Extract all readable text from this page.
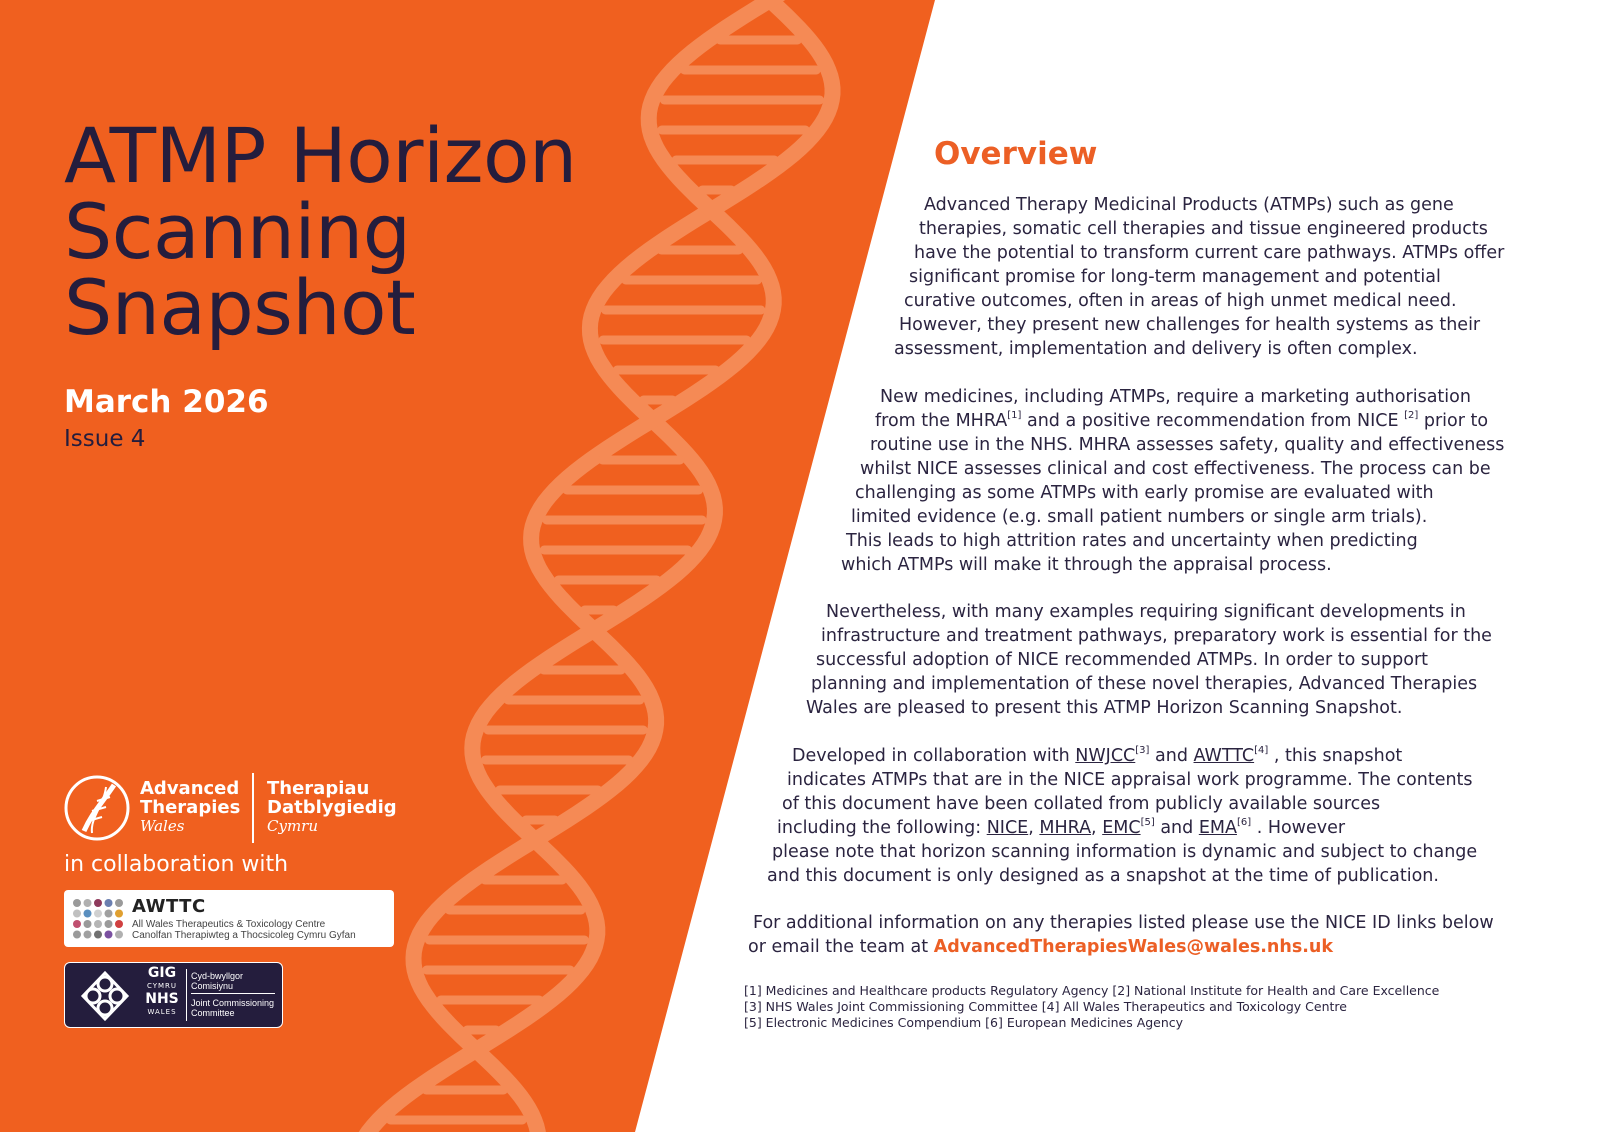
ATMP Horizon
Scanning
Snapshot
March 2026
Issue 4
Advanced
Therapies
Wales
Therapiau
Datblygiedig
Cymru
in collaboration with
AWTTC
All Wales Therapeutics & Toxicology Centre
Canolfan Therapiwteg a Thocsicoleg Cymru Gyfan
GIG
CYMRU
NHS
WALES
Cyd-bwyllgor
Comisiynu
Joint Commissioning
Committee
Overview
Advanced Therapy Medicinal Products (ATMPs) such as gene
therapies, somatic cell therapies and tissue engineered products
have the potential to transform current care pathways. ATMPs offer
significant promise for long-term management and potential
curative outcomes, often in areas of high unmet medical need.
However, they present new challenges for health systems as their
assessment, implementation and delivery is often complex.
New medicines, including ATMPs, require a marketing authorisation
from the MHRA[1] and a positive recommendation from NICE [2] prior to
routine use in the NHS. MHRA assesses safety, quality and effectiveness
whilst NICE assesses clinical and cost effectiveness. The process can be
challenging as some ATMPs with early promise are evaluated with
limited evidence (e.g. small patient numbers or single arm trials).
This leads to high attrition rates and uncertainty when predicting
which ATMPs will make it through the appraisal process.
Nevertheless, with many examples requiring significant developments in
infrastructure and treatment pathways, preparatory work is essential for the
successful adoption of NICE recommended ATMPs. In order to support
planning and implementation of these novel therapies, Advanced Therapies
Wales are pleased to present this ATMP Horizon Scanning Snapshot.
Developed in collaboration with NWJCC[3] and AWTTC[4] , this snapshot
indicates ATMPs that are in the NICE appraisal work programme. The contents
of this document have been collated from publicly available sources
including the following: NICE, MHRA, EMC[5] and EMA[6] . However
please note that horizon scanning information is dynamic and subject to change
and this document is only designed as a snapshot at the time of publication.
For additional information on any therapies listed please use the NICE ID links below
or email the team at AdvancedTherapiesWales@wales.nhs.uk
[1] Medicines and Healthcare products Regulatory Agency [2] National Institute for Health and Care Excellence
[3] NHS Wales Joint Commissioning Committee [4] All Wales Therapeutics and Toxicology Centre
[5] Electronic Medicines Compendium [6] European Medicines Agency
